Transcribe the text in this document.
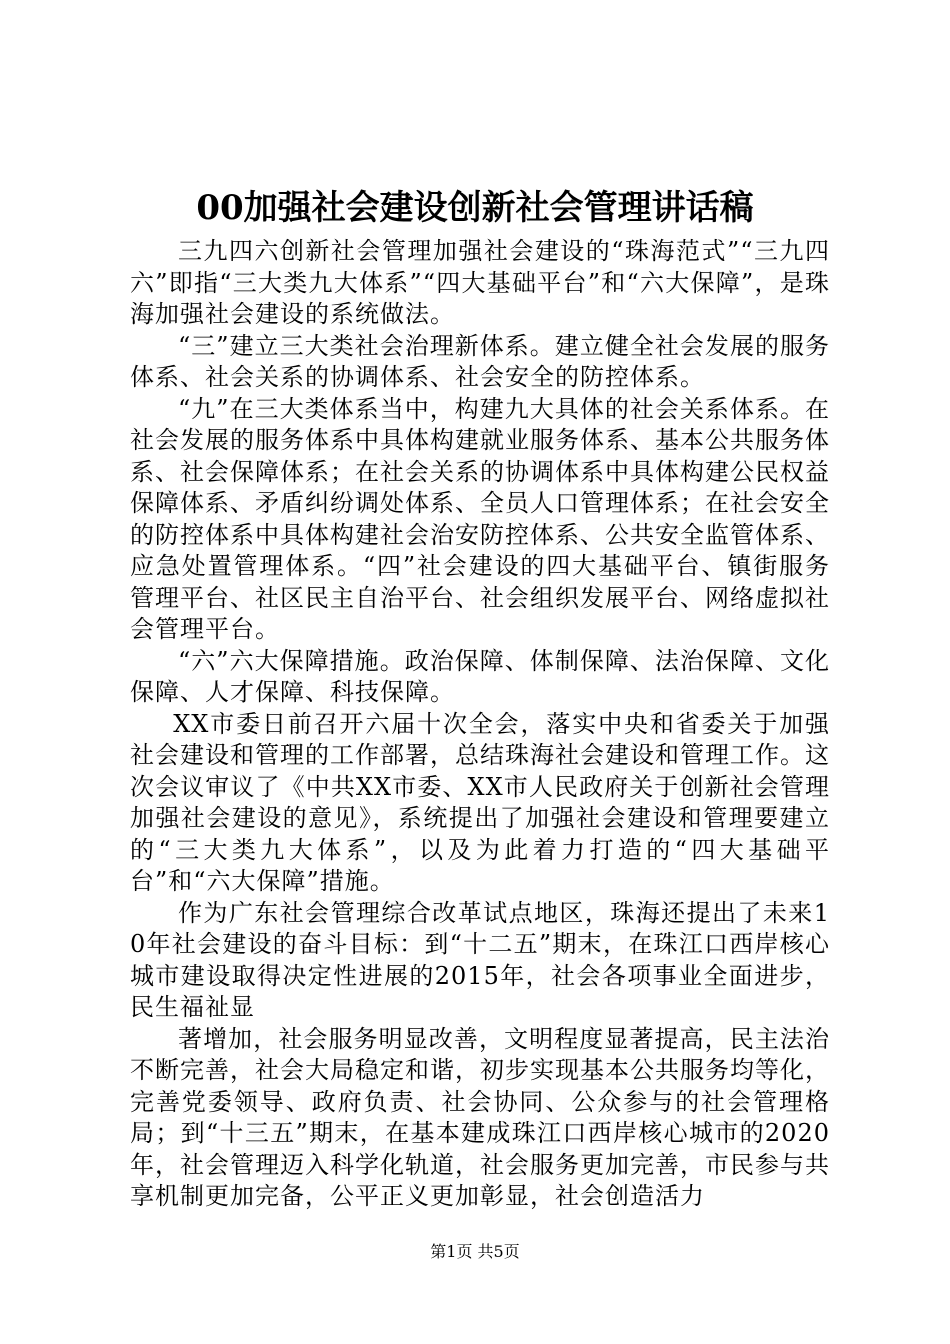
00加强社会建设创新社会管理讲话稿

三九四六创新社会管理加强社会建设的“珠海范式”“三九四六”即指“三大类九大体系”“四大基础平台”和“六大保障”，是珠海加强社会建设的系统做法。

“三”建立三大类社会治理新体系。建立健全社会发展的服务体系、社会关系的协调体系、社会安全的防控体系。

“九”在三大类体系当中，构建九大具体的社会关系体系。在社会发展的服务体系中具体构建就业服务体系、基本公共服务体系、社会保障体系；在社会关系的协调体系中具体构建公民权益保障体系、矛盾纠纷调处体系、全员人口管理体系；在社会安全的防控体系中具体构建社会治安防控体系、公共安全监管体系、应急处置管理体系。“四”社会建设的四大基础平台、镇街服务管理平台、社区民主自治平台、社会组织发展平台、网络虚拟社会管理平台。

“六”六大保障措施。政治保障、体制保障、法治保障、文化保障、人才保障、科技保障。

XX市委日前召开六届十次全会，落实中央和省委关于加强社会建设和管理的工作部署，总结珠海社会建设和管理工作。这次会议审议了《中共XX市委、XX市人民政府关于创新社会管理加强社会建设的意见》，系统提出了加强社会建设和管理要建立的“三大类九大体系”，以及为此着力打造的“四大基础平台”和“六大保障”措施。

作为广东社会管理综合改革试点地区，珠海还提出了未来10年社会建设的奋斗目标：到“十二五”期末，在珠江口西岸核心城市建设取得决定性进展的2015年，社会各项事业全面进步，民生福祉显

著增加，社会服务明显改善，文明程度显著提高，民主法治不断完善，社会大局稳定和谐，初步实现基本公共服务均等化，完善党委领导、政府负责、社会协同、公众参与的社会管理格局；到“十三五”期末，在基本建成珠江口西岸核心城市的2020年，社会管理迈入科学化轨道，社会服务更加完善，市民参与共享机制更加完备，公平正义更加彰显，社会创造活力

第1页 共5页
